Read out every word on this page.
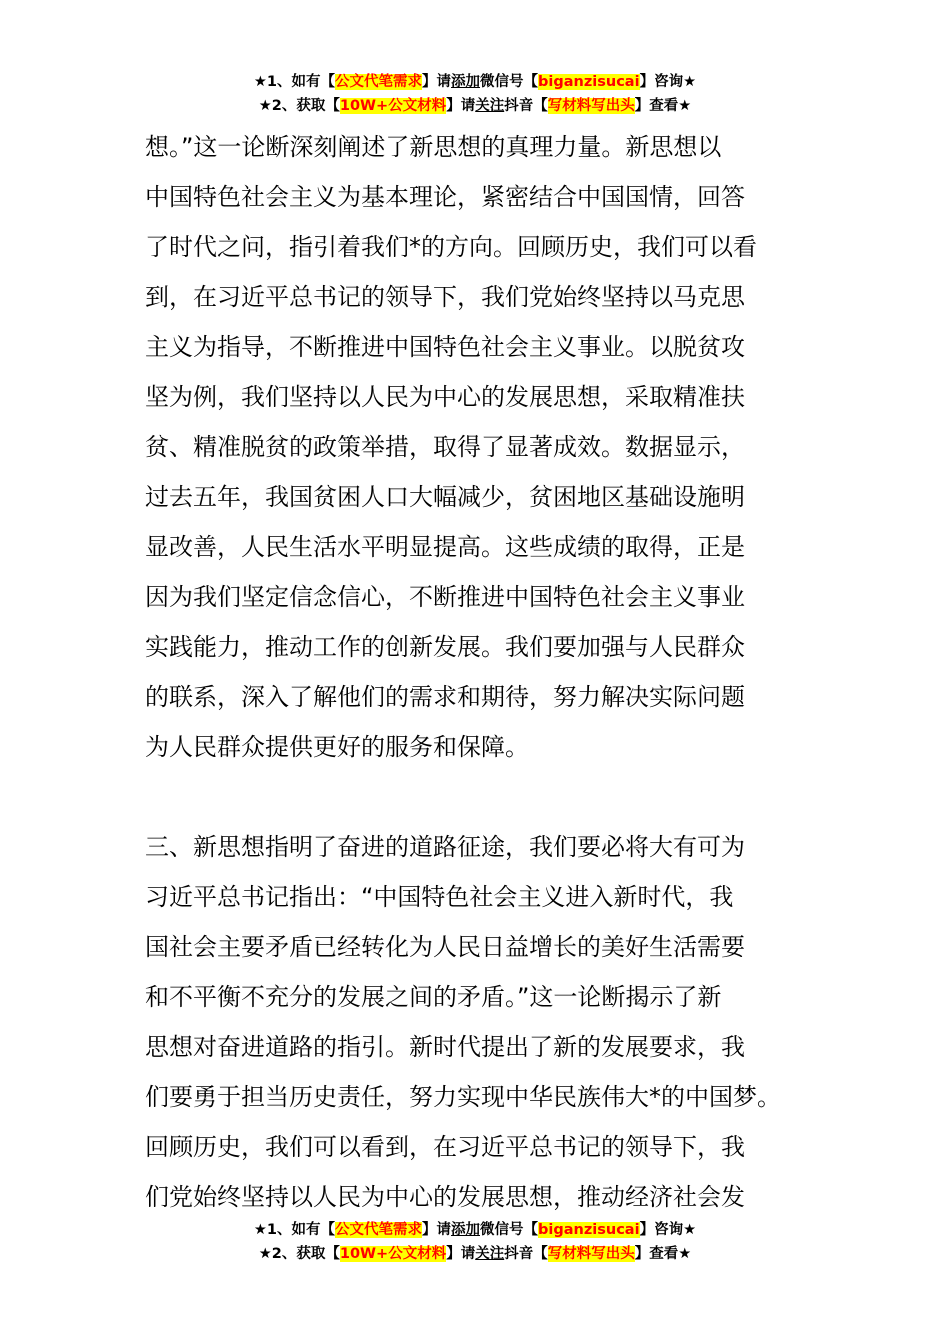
★1、如有【公文代笔需求】请添加微信号【biganzisucai】咨询★
★2、获取【10W+公文材料】请关注抖音【写材料写出头】查看★

想。”这一论断深刻阐述了新思想的真理力量。新思想以
中国特色社会主义为基本理论，紧密结合中国国情，回答
了时代之问，指引着我们*的方向。回顾历史，我们可以看
到，在习近平总书记的领导下，我们党始终坚持以马克思
主义为指导，不断推进中国特色社会主义事业。以脱贫攻
坚为例，我们坚持以人民为中心的发展思想，采取精准扶
贫、精准脱贫的政策举措，取得了显著成效。数据显示，
过去五年，我国贫困人口大幅减少，贫困地区基础设施明
显改善，人民生活水平明显提高。这些成绩的取得，正是
因为我们坚定信念信心，不断推进中国特色社会主义事业
实践能力，推动工作的创新发展。我们要加强与人民群众
的联系，深入了解他们的需求和期待，努力解决实际问题
为人民群众提供更好的服务和保障。

三、新思想指明了奋进的道路征途，我们要必将大有可为
习近平总书记指出：“中国特色社会主义进入新时代，我
国社会主要矛盾已经转化为人民日益增长的美好生活需要
和不平衡不充分的发展之间的矛盾。”这一论断揭示了新
思想对奋进道路的指引。新时代提出了新的发展要求，我
们要勇于担当历史责任，努力实现中华民族伟大*的中国梦。
回顾历史，我们可以看到，在习近平总书记的领导下，我
们党始终坚持以人民为中心的发展思想，推动经济社会发

★1、如有【公文代笔需求】请添加微信号【biganzisucai】咨询★
★2、获取【10W+公文材料】请关注抖音【写材料写出头】查看★
